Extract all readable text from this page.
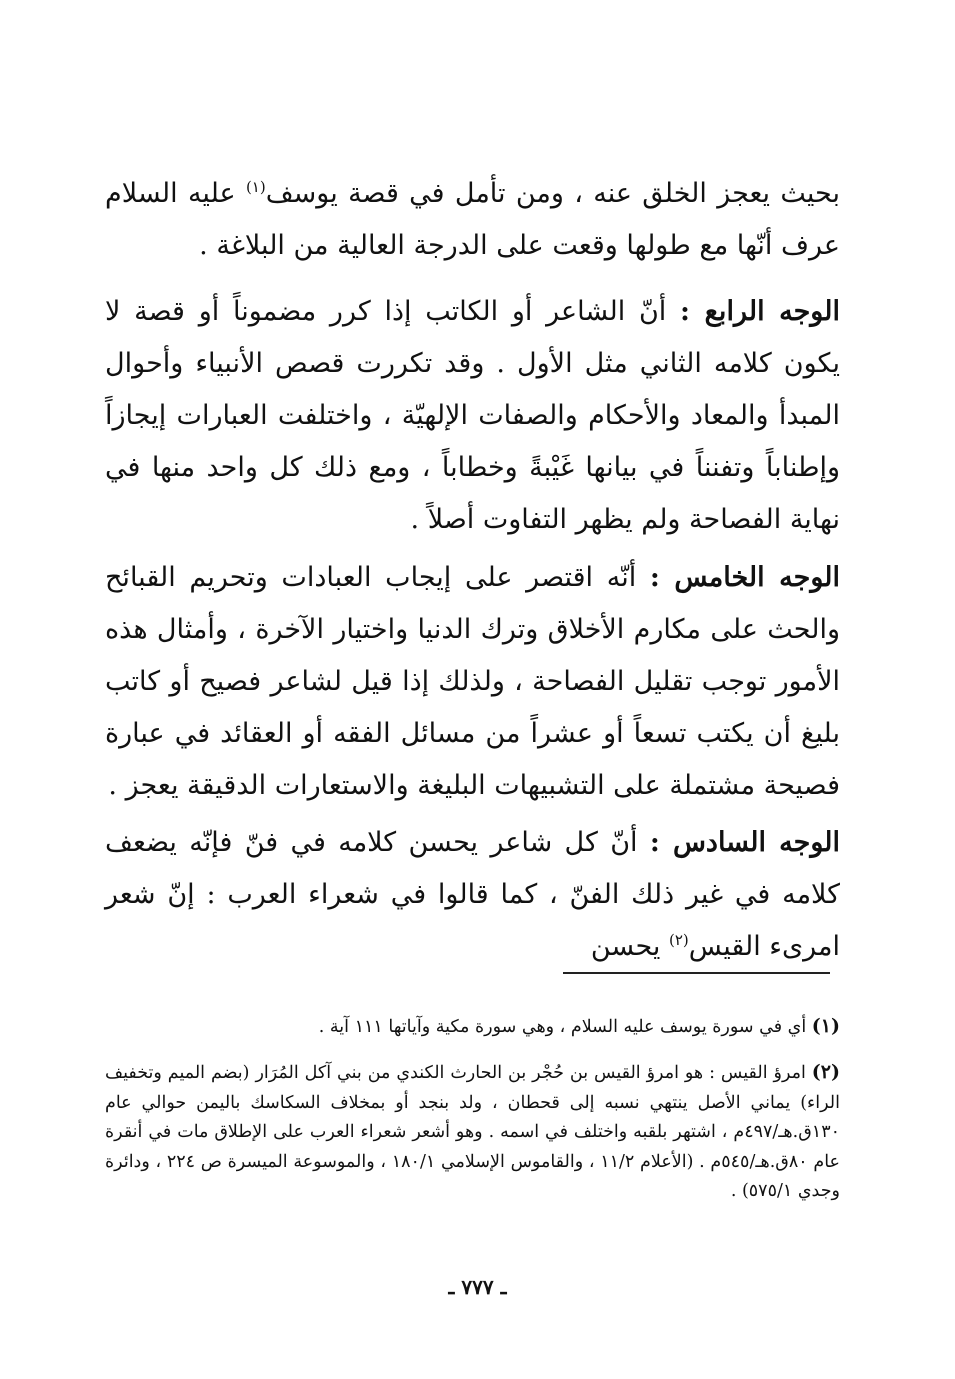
بحيث يعجز الخلق عنه ، ومن تأمل في قصة يوسف$^{(١)}$ عليه السلام عرف أنّها مع طولها وقعت على الدرجة العالية من البلاغة .

الوجه الرابع : أنّ الشاعر أو الكاتب إذا كرر مضموناً أو قصة لا يكون كلامه الثاني مثل الأول . وقد تكررت قصص الأنبياء وأحوال المبدأ والمعاد والأحكام والصفات الإلهيّة ، واختلفت العبارات إيجازاً وإطناباً وتفنناً في بيانها غَيْبةً وخطاباً ، ومع ذلك كل واحد منها في نهاية الفصاحة ولم يظهر التفاوت أصلاً .

الوجه الخامس : أنّه اقتصر على إيجاب العبادات وتحريم القبائح والحث على مكارم الأخلاق وترك الدنيا واختيار الآخرة ، وأمثال هذه الأمور توجب تقليل الفصاحة ، ولذلك إذا قيل لشاعر فصيح أو كاتب بليغ أن يكتب تسعاً أو عشراً من مسائل الفقه أو العقائد في عبارة فصيحة مشتملة على التشبيهات البليغة والاستعارات الدقيقة يعجز .

الوجه السادس : أنّ كل شاعر يحسن كلامه في فنّ فإنّه يضعف كلامه في غير ذلك الفنّ ، كما قالوا في شعراء العرب : إنّ شعر امرىء القيس$^{(٢)}$ يحسن

(١) أي في سورة يوسف عليه السلام ، وهي سورة مكية وآياتها ١١١ آية .

(٢) امرؤ القيس : هو امرؤ القيس بن حُجْر بن الحارث الكندي من بني آكل المُرَار (بضم الميم وتخفيف الراء) يماني الأصل ينتهي نسبه إلى قحطان ، ولد بنجد أو بمخلاف السكاسك باليمن حوالي عام ١٣٠ق.هـ/٤٩٧م ، اشتهر بلقبه واختلف في اسمه . وهو أشعر شعراء العرب على الإطلاق مات في أنقرة عام ٨٠ق.هـ/٥٤٥م . (الأعلام ١١/٢ ، والقاموس الإسلامي ١٨٠/١ ، والموسوعة الميسرة ص ٢٢٤ ، ودائرة وجدي ٥٧٥/١) .

ـ ٧٧٧ ـ
